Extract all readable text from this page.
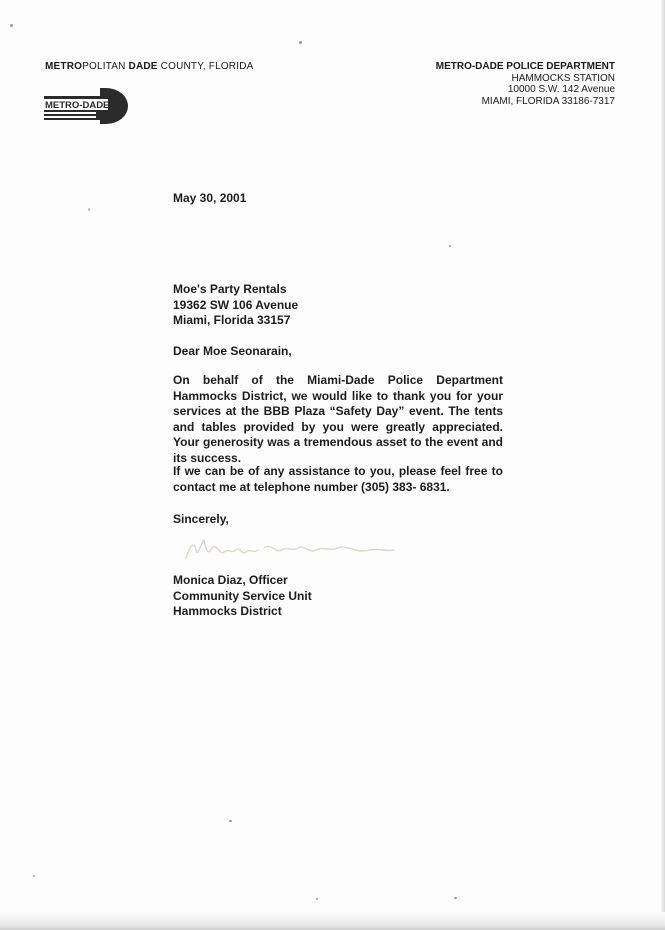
METROPOLITAN DADE COUNTY, FLORIDA
METRO-DADE
METRO-DADE POLICE DEPARTMENT
HAMMOCKS STATION
10000 S.W. 142 Avenue
MIAMI, FLORIDA 33186-7317
May 30, 2001
Moe's Party Rentals
19362 SW 106 Avenue
Miami, Florida 33157
Dear Moe Seonarain,

On behalf of the Miami-Dade Police Department Hammocks District, we would like to thank you for your services at the BBB Plaza “Safety Day” event. The tents and tables provided by you were greatly appreciated. Your generosity was a tremendous asset to the event and its success.

If we can be of any assistance to you, please feel free to contact me at telephone number (305) 383- 6831.

Sincerely,
Monica Diaz, Officer
Community Service Unit
Hammocks District
